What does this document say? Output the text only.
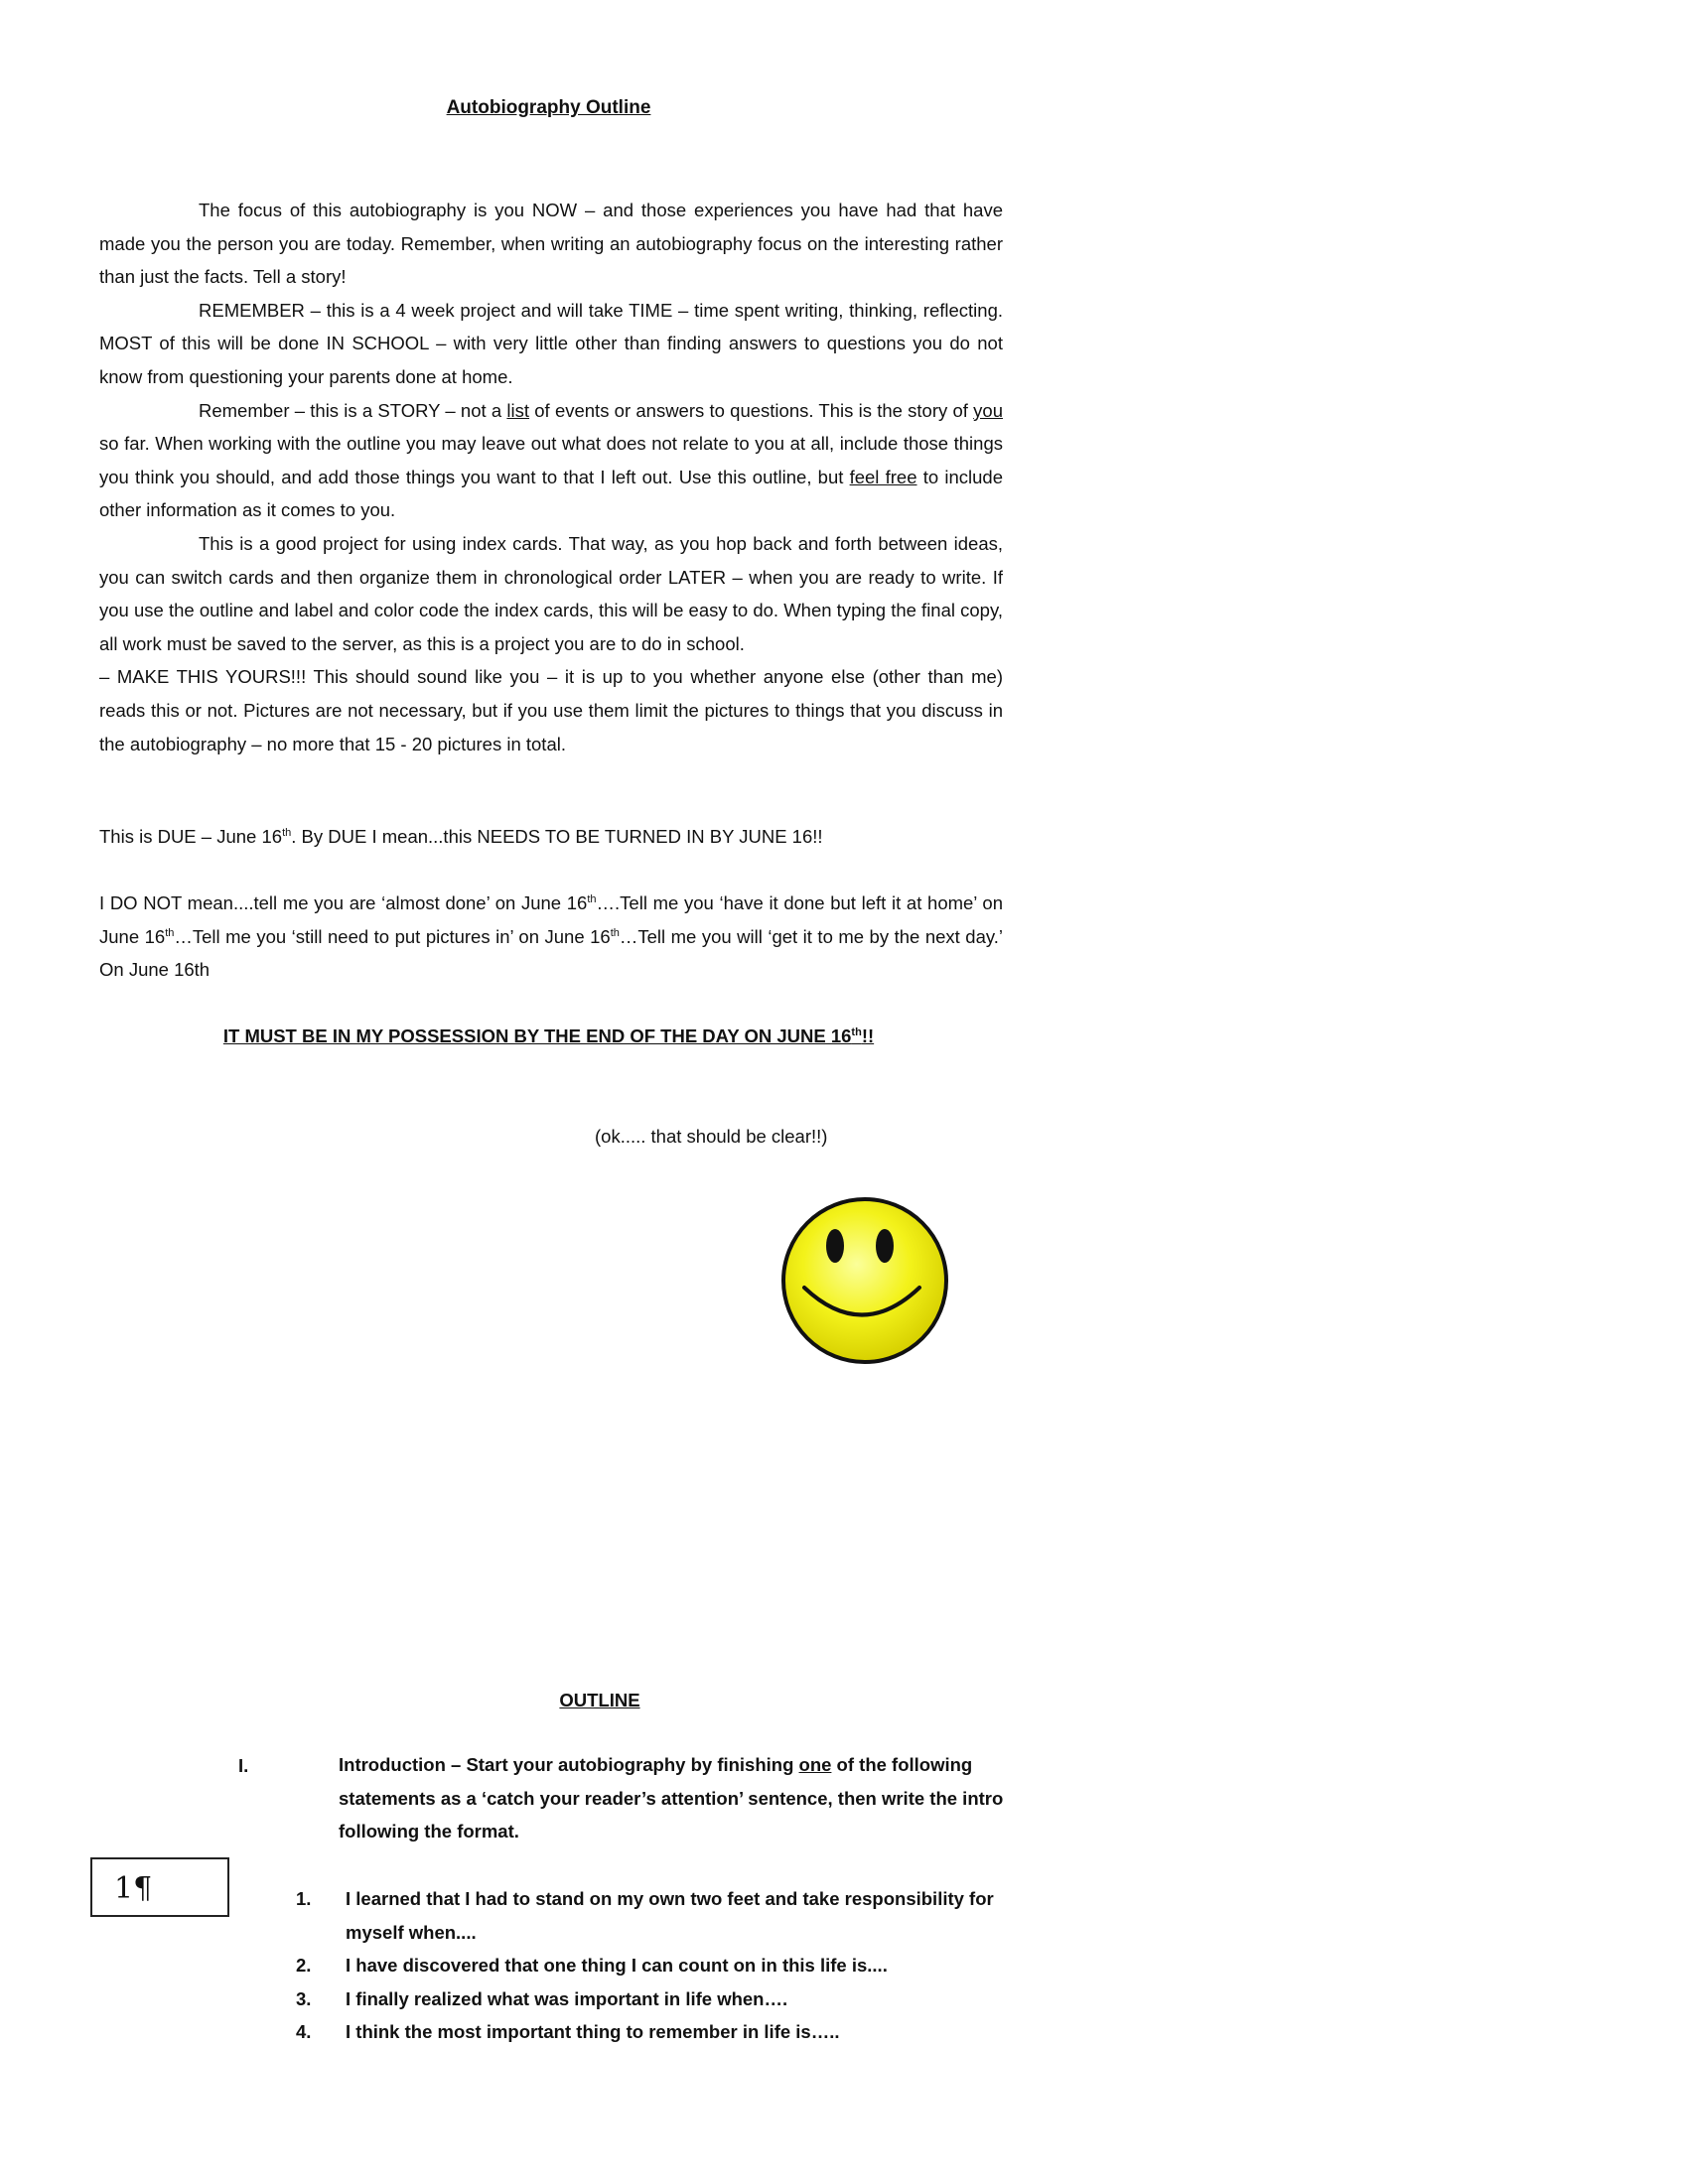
Autobiography Outline

The focus of this autobiography is you NOW – and those experiences you have had that have made you the person you are today. Remember, when writing an autobiography focus on the interesting rather than just the facts. Tell a story!

REMEMBER – this is a 4 week project and will take TIME – time spent writing, thinking, reflecting. MOST of this will be done IN SCHOOL – with very little other than finding answers to questions you do not know from questioning your parents done at home.

Remember – this is a STORY – not a list of events or answers to questions. This is the story of you so far. When working with the outline you may leave out what does not relate to you at all, include those things you think you should, and add those things you want to that I left out. Use this outline, but feel free to include other information as it comes to you.

This is a good project for using index cards. That way, as you hop back and forth between ideas, you can switch cards and then organize them in chronological order LATER – when you are ready to write. If you use the outline and label and color code the index cards, this will be easy to do. When typing the final copy, all work must be saved to the server, as this is a project you are to do in school.

– MAKE THIS YOURS!!! This should sound like you – it is up to you whether anyone else (other than me) reads this or not. Pictures are not necessary, but if you use them limit the pictures to things that you discuss in the autobiography – no more that 15 - 20 pictures in total.

This is DUE – June 16th. By DUE I mean...this NEEDS TO BE TURNED IN BY JUNE 16!!
I DO NOT mean....tell me you are ‘almost done’ on June 16th….Tell me you ‘have it done but left it at home’ on June 16th…Tell me you ‘still need to put pictures in’ on June 16th…Tell me you will ‘get it to me by the next day.’ On June 16th
IT MUST BE IN MY POSSESSION BY THE END OF THE DAY ON JUNE 16th!!
(ok..... that should be clear!!)
OUTLINE
I.	Introduction – Start your autobiography by finishing one of the following statements as a ‘catch your reader’s attention’ sentence, then write the intro following the format.
1¶	1. I learned that I had to stand on my own two feet and take responsibility for myself when....
2. I have discovered that one thing I can count on in this life is....
3. I finally realized what was important in life when….
4. I think the most important thing to remember in life is…..
